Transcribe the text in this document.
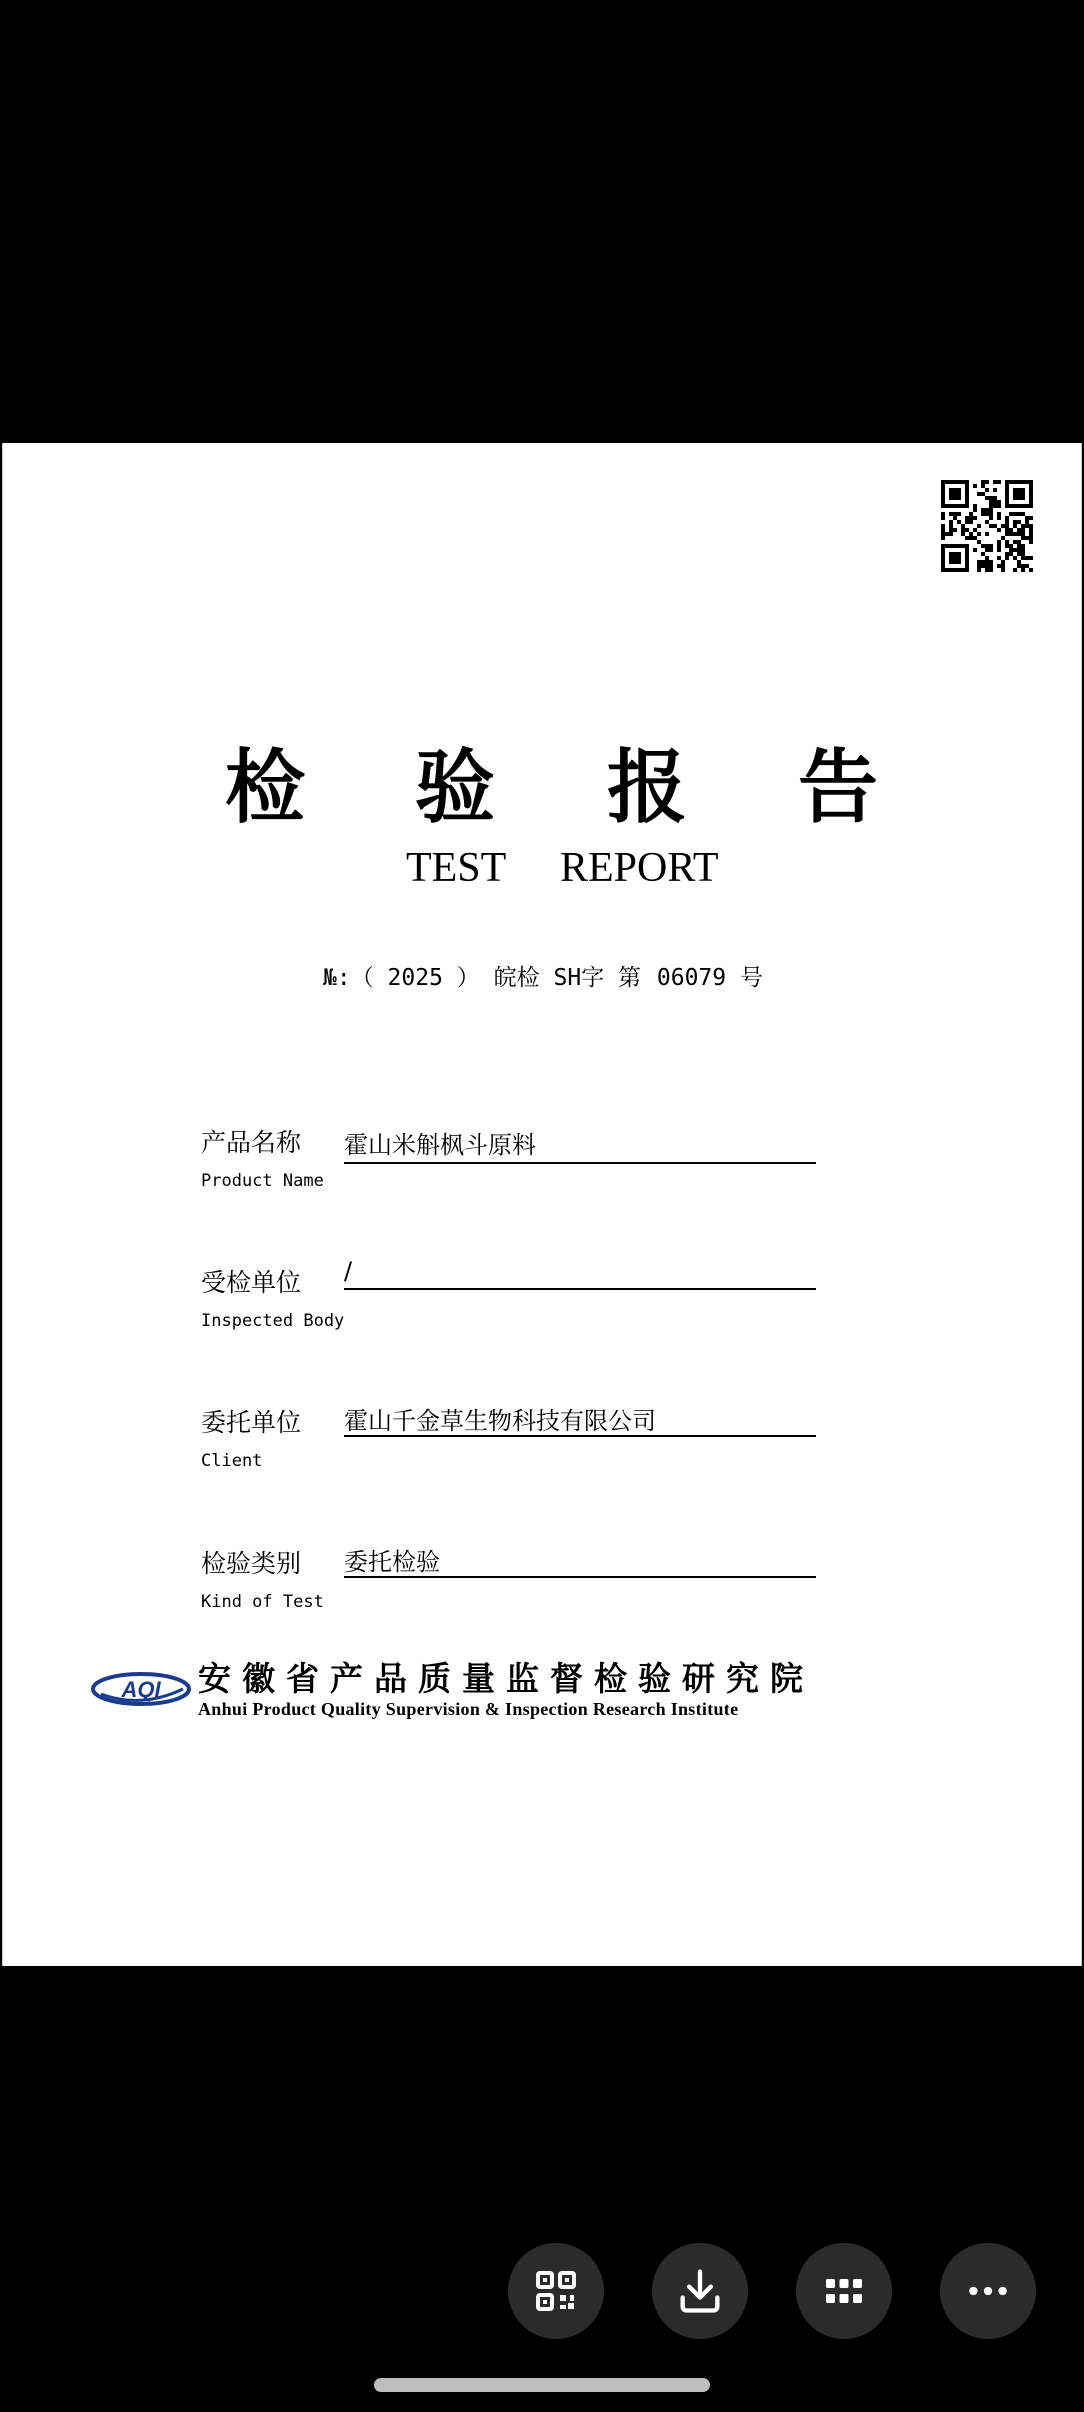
检 验 报 告
TEST REPORT
№:（ 2025 ） 皖检 SH字 第 06079 号
产品名称
Product Name
霍山米斛枫斗原料
受检单位
Inspected Body
/
委托单位
Client
霍山千金草生物科技有限公司
检验类别
Kind of Test
委托检验
AQI 安徽省产品质量监督检验研究院
Anhui Product Quality Supervision & Inspection Research Institute
